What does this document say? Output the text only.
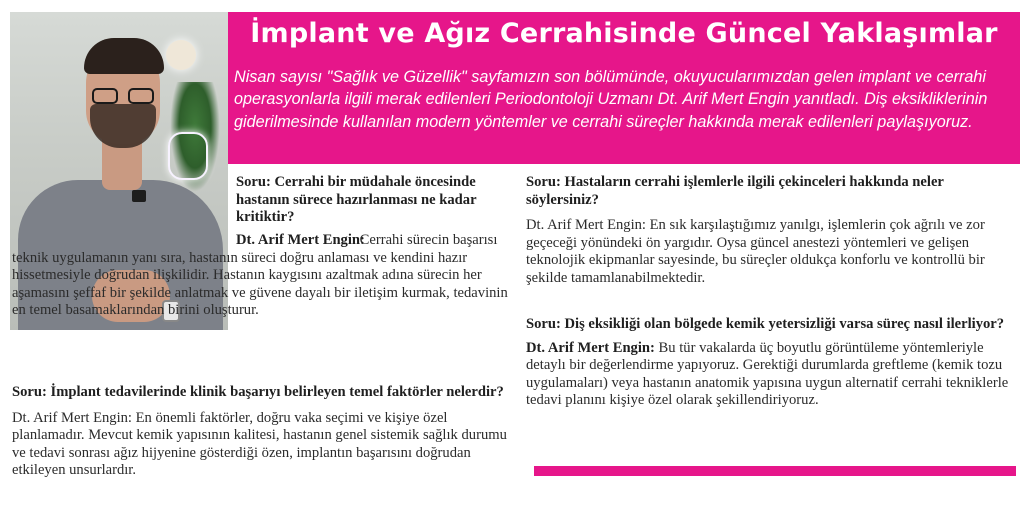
İmplant ve Ağız Cerrahisinde Güncel Yaklaşımlar

Nisan sayısı "Sağlık ve Güzellik" sayfamızın son bölümünde, okuyucularımızdan gelen implant ve cerrahi operasyonlarla ilgili merak edilenleri Periodontoloji Uzmanı Dt. Arif Mert Engin yanıtladı. Diş eksikliklerinin giderilmesinde kullanılan modern yöntemler ve cerrahi süreçler hakkında merak edilenleri paylaşıyoruz.

Soru: Cerrahi bir müdahale öncesinde hastanın sürece hazırlanması ne kadar kritiktir?

Dt. Arif Mert Engin:

Cerrahi sürecin başarısı teknik uygulamanın yanı sıra, hastanın süreci doğru anlaması ve kendini hazır hissetmesiyle doğrudan ilişkilidir. Hastanın kaygısını azaltmak adına sürecin her aşamasını şeffaf bir şekilde anlatmak ve güvene dayalı bir iletişim kurmak, tedavinin en temel basamaklarından birini oluşturur.

Soru: İmplant tedavilerinde klinik başarıyı belirleyen temel faktörler nelerdir?

Dt. Arif Mert Engin: En önemli faktörler, doğru vaka seçimi ve kişiye özel planlamadır. Mevcut kemik yapısının kalitesi, hastanın genel sistemik sağlık durumu ve tedavi sonrası ağız hijyenine gösterdiği özen, implantın başarısını doğrudan etkileyen unsurlardır.

Soru: Hastaların cerrahi işlemlerle ilgili çekinceleri hakkında neler söylersiniz?

Dt. Arif Mert Engin: En sık karşılaştığımız yanılgı, işlemlerin çok ağrılı ve zor geçeceği yönündeki ön yargıdır. Oysa güncel anestezi yöntemleri ve gelişen teknolojik ekipmanlar sayesinde, bu süreçler oldukça konforlu ve kontrollü bir şekilde tamamlanabilmektedir.

Soru: Diş eksikliği olan bölgede kemik yetersizliği varsa süreç nasıl ilerliyor?

Dt. Arif Mert Engin: Bu tür vakalarda üç boyutlu görüntüleme yöntemleriyle detaylı bir değerlendirme yapıyoruz. Gerektiği durumlarda greftleme (kemik tozu uygulamaları) veya hastanın anatomik yapısına uygun alternatif cerrahi tekniklerle tedavi planını kişiye özel olarak şekillendiriyoruz.
